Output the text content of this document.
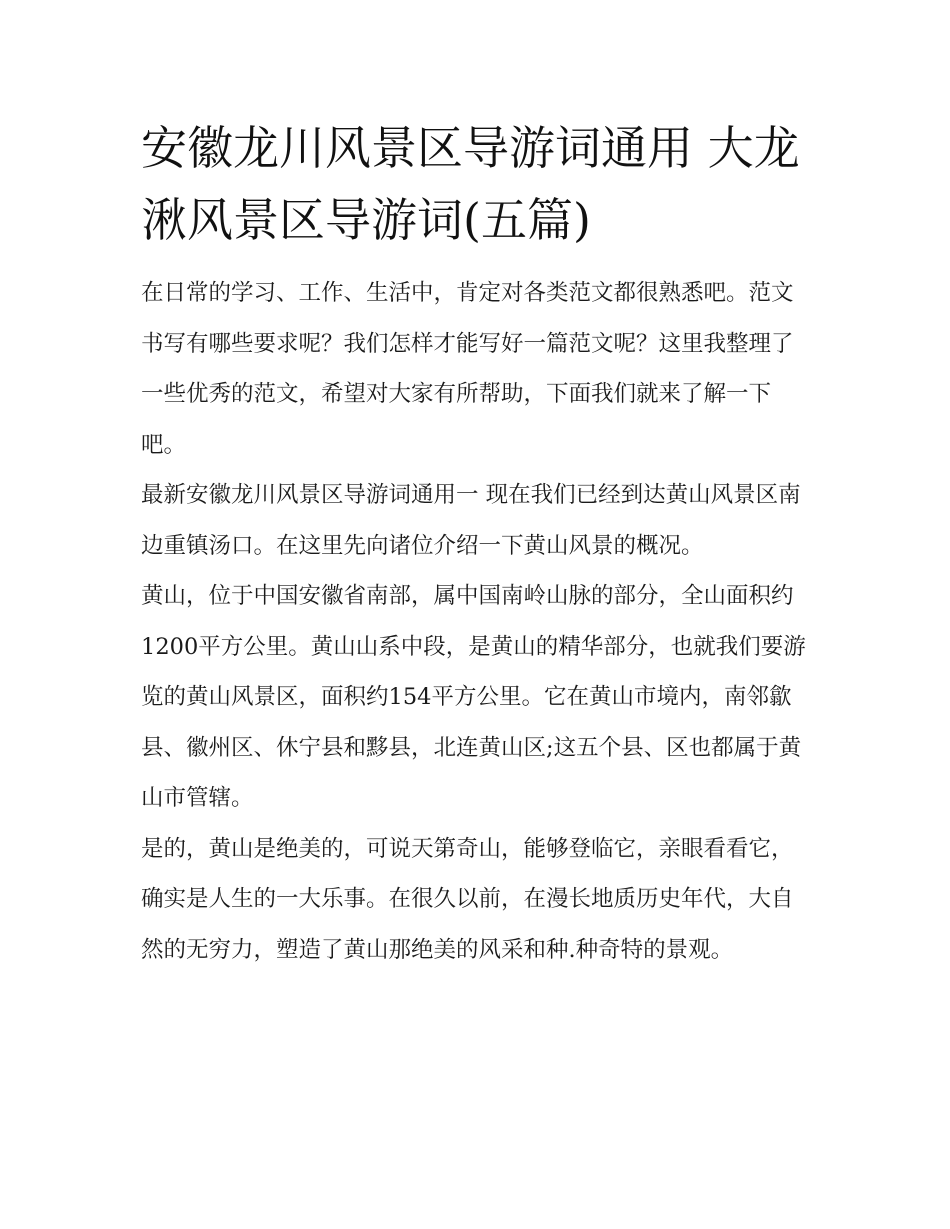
安徽龙川风景区导游词通用 大龙湫风景区导游词(五篇)

在日常的学习、工作、生活中，肯定对各类范文都很熟悉吧。范文书写有哪些要求呢？我们怎样才能写好一篇范文呢？这里我整理了一些优秀的范文，希望对大家有所帮助，下面我们就来了解一下吧。

最新安徽龙川风景区导游词通用一 现在我们已经到达黄山风景区南边重镇汤口。在这里先向诸位介绍一下黄山风景的概况。

黄山，位于中国安徽省南部，属中国南岭山脉的部分，全山面积约1200平方公里。黄山山系中段，是黄山的精华部分，也就我们要游览的黄山风景区，面积约154平方公里。它在黄山市境内，南邻歙县、徽州区、休宁县和黟县，北连黄山区;这五个县、区也都属于黄山市管辖。

是的，黄山是绝美的，可说天第奇山，能够登临它，亲眼看看它，确实是人生的一大乐事。在很久以前，在漫长地质历史年代，大自然的无穷力，塑造了黄山那绝美的风采和种.种奇特的景观。
